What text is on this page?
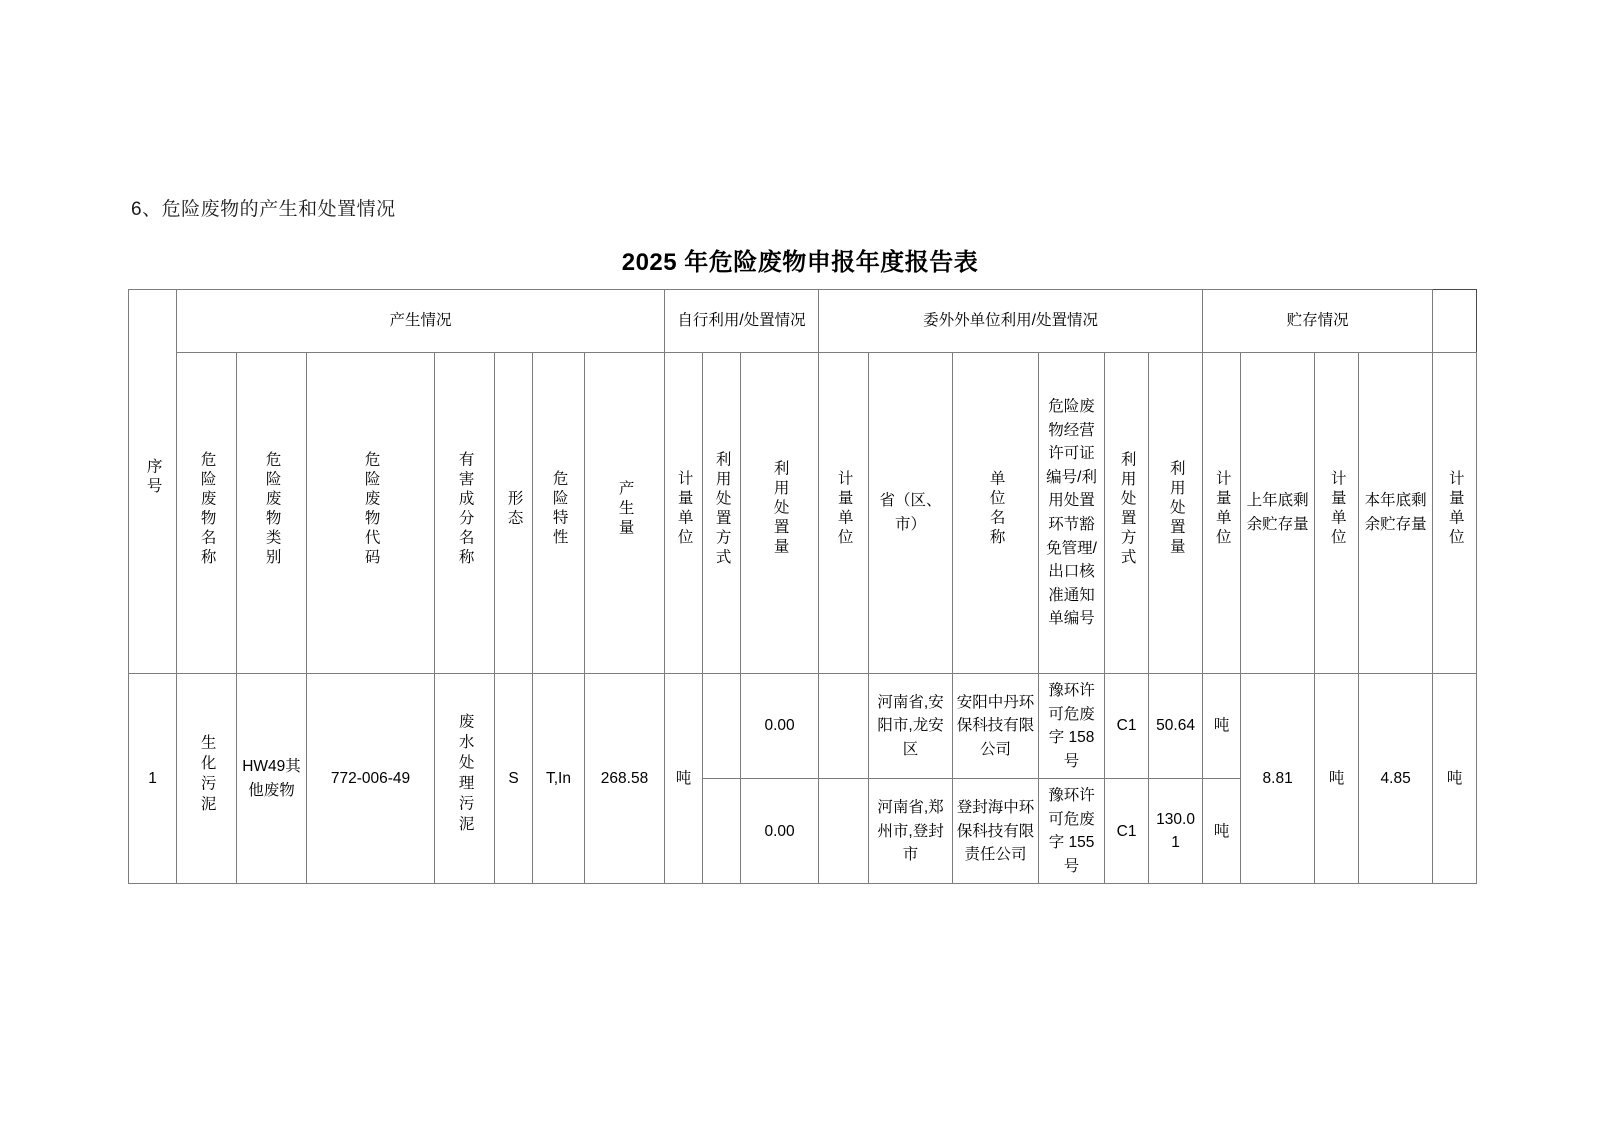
6、危险废物的产生和处置情况
2025 年危险废物申报年度报告表
序号	产生情况							自行利用/处置情况			委外外单位利用/处置情况						贮存情况				
	危险废物名称	危险废物类别	危险废物代码	有害成分名称	形态	危险特性	产生量	计量单位	利用处置方式	利用处置量	计量单位	省（区、市）	单位名称	危险废物经营许可证编号/利用处置环节豁免管理/出口核准通知单编号	利用处置方式	利用处置量	计量单位	上年底剩余贮存量	计量单位	本年底剩余贮存量	计量单位
1	生化污泥	HW49其他废物	772-006-49	废水处理污泥	S	T,In	268.58	吨		0.00		河南省,安阳市,龙安区	安阳中丹环保科技有限公司	豫环许可危废字 158 号	C1	50.64	吨	8.81	吨	4.85	吨
										0.00		河南省,郑州市,登封市	登封海中环保科技有限责任公司	豫环许可危废字 155 号	C1	130.01	吨				
